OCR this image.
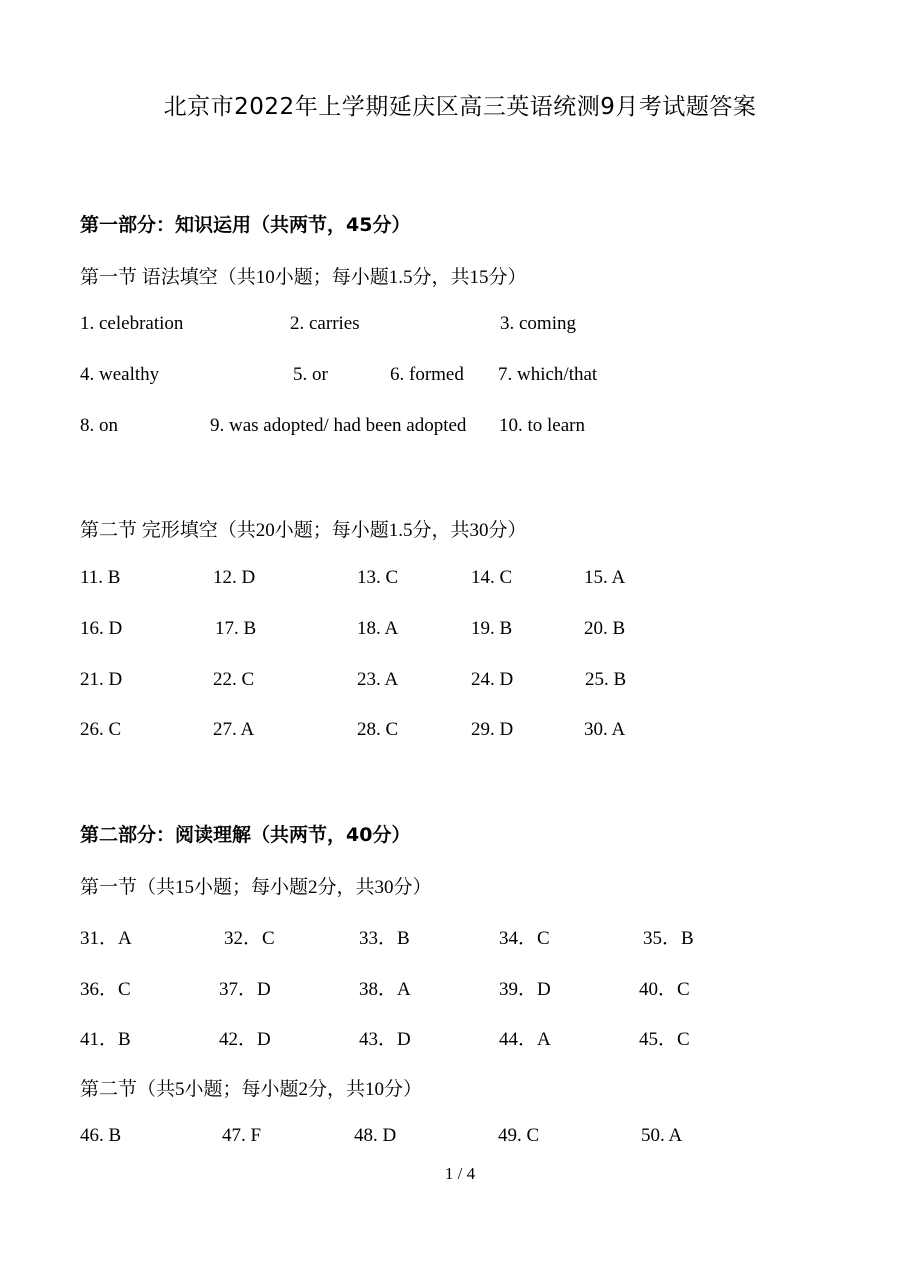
北京市2022年上学期延庆区高三英语统测9月考试题答案
第一部分：知识运用（共两节，45分）
第一节 语法填空（共10小题；每小题1.5分，共15分）
1. celebration	2. carries	3. coming
4. wealthy	5. or	6. formed 7. which/that
8. on	9. was adopted/ had been adopted 10. to learn
第二节 完形填空（共20小题；每小题1.5分，共30分）
11. B	12. D	13. C	14. C	15. A
16. D	17. B	18. A	19. B	20. B
21. D	22. C	23. A	24. D	25. B
26. C	27. A	28. C	29. D	30. A
第二部分：阅读理解（共两节，40分）
第一节（共15小题；每小题2分，共30分）
31．A	32．C	33．B	34．C	35．B
36．C	37．D	38．A	39．D	40．C
41．B	42．D	43．D	44．A	45．C
第二节（共5小题；每小题2分，共10分）
46. B	47. F	48. D	49. C	50. A
1 / 4
